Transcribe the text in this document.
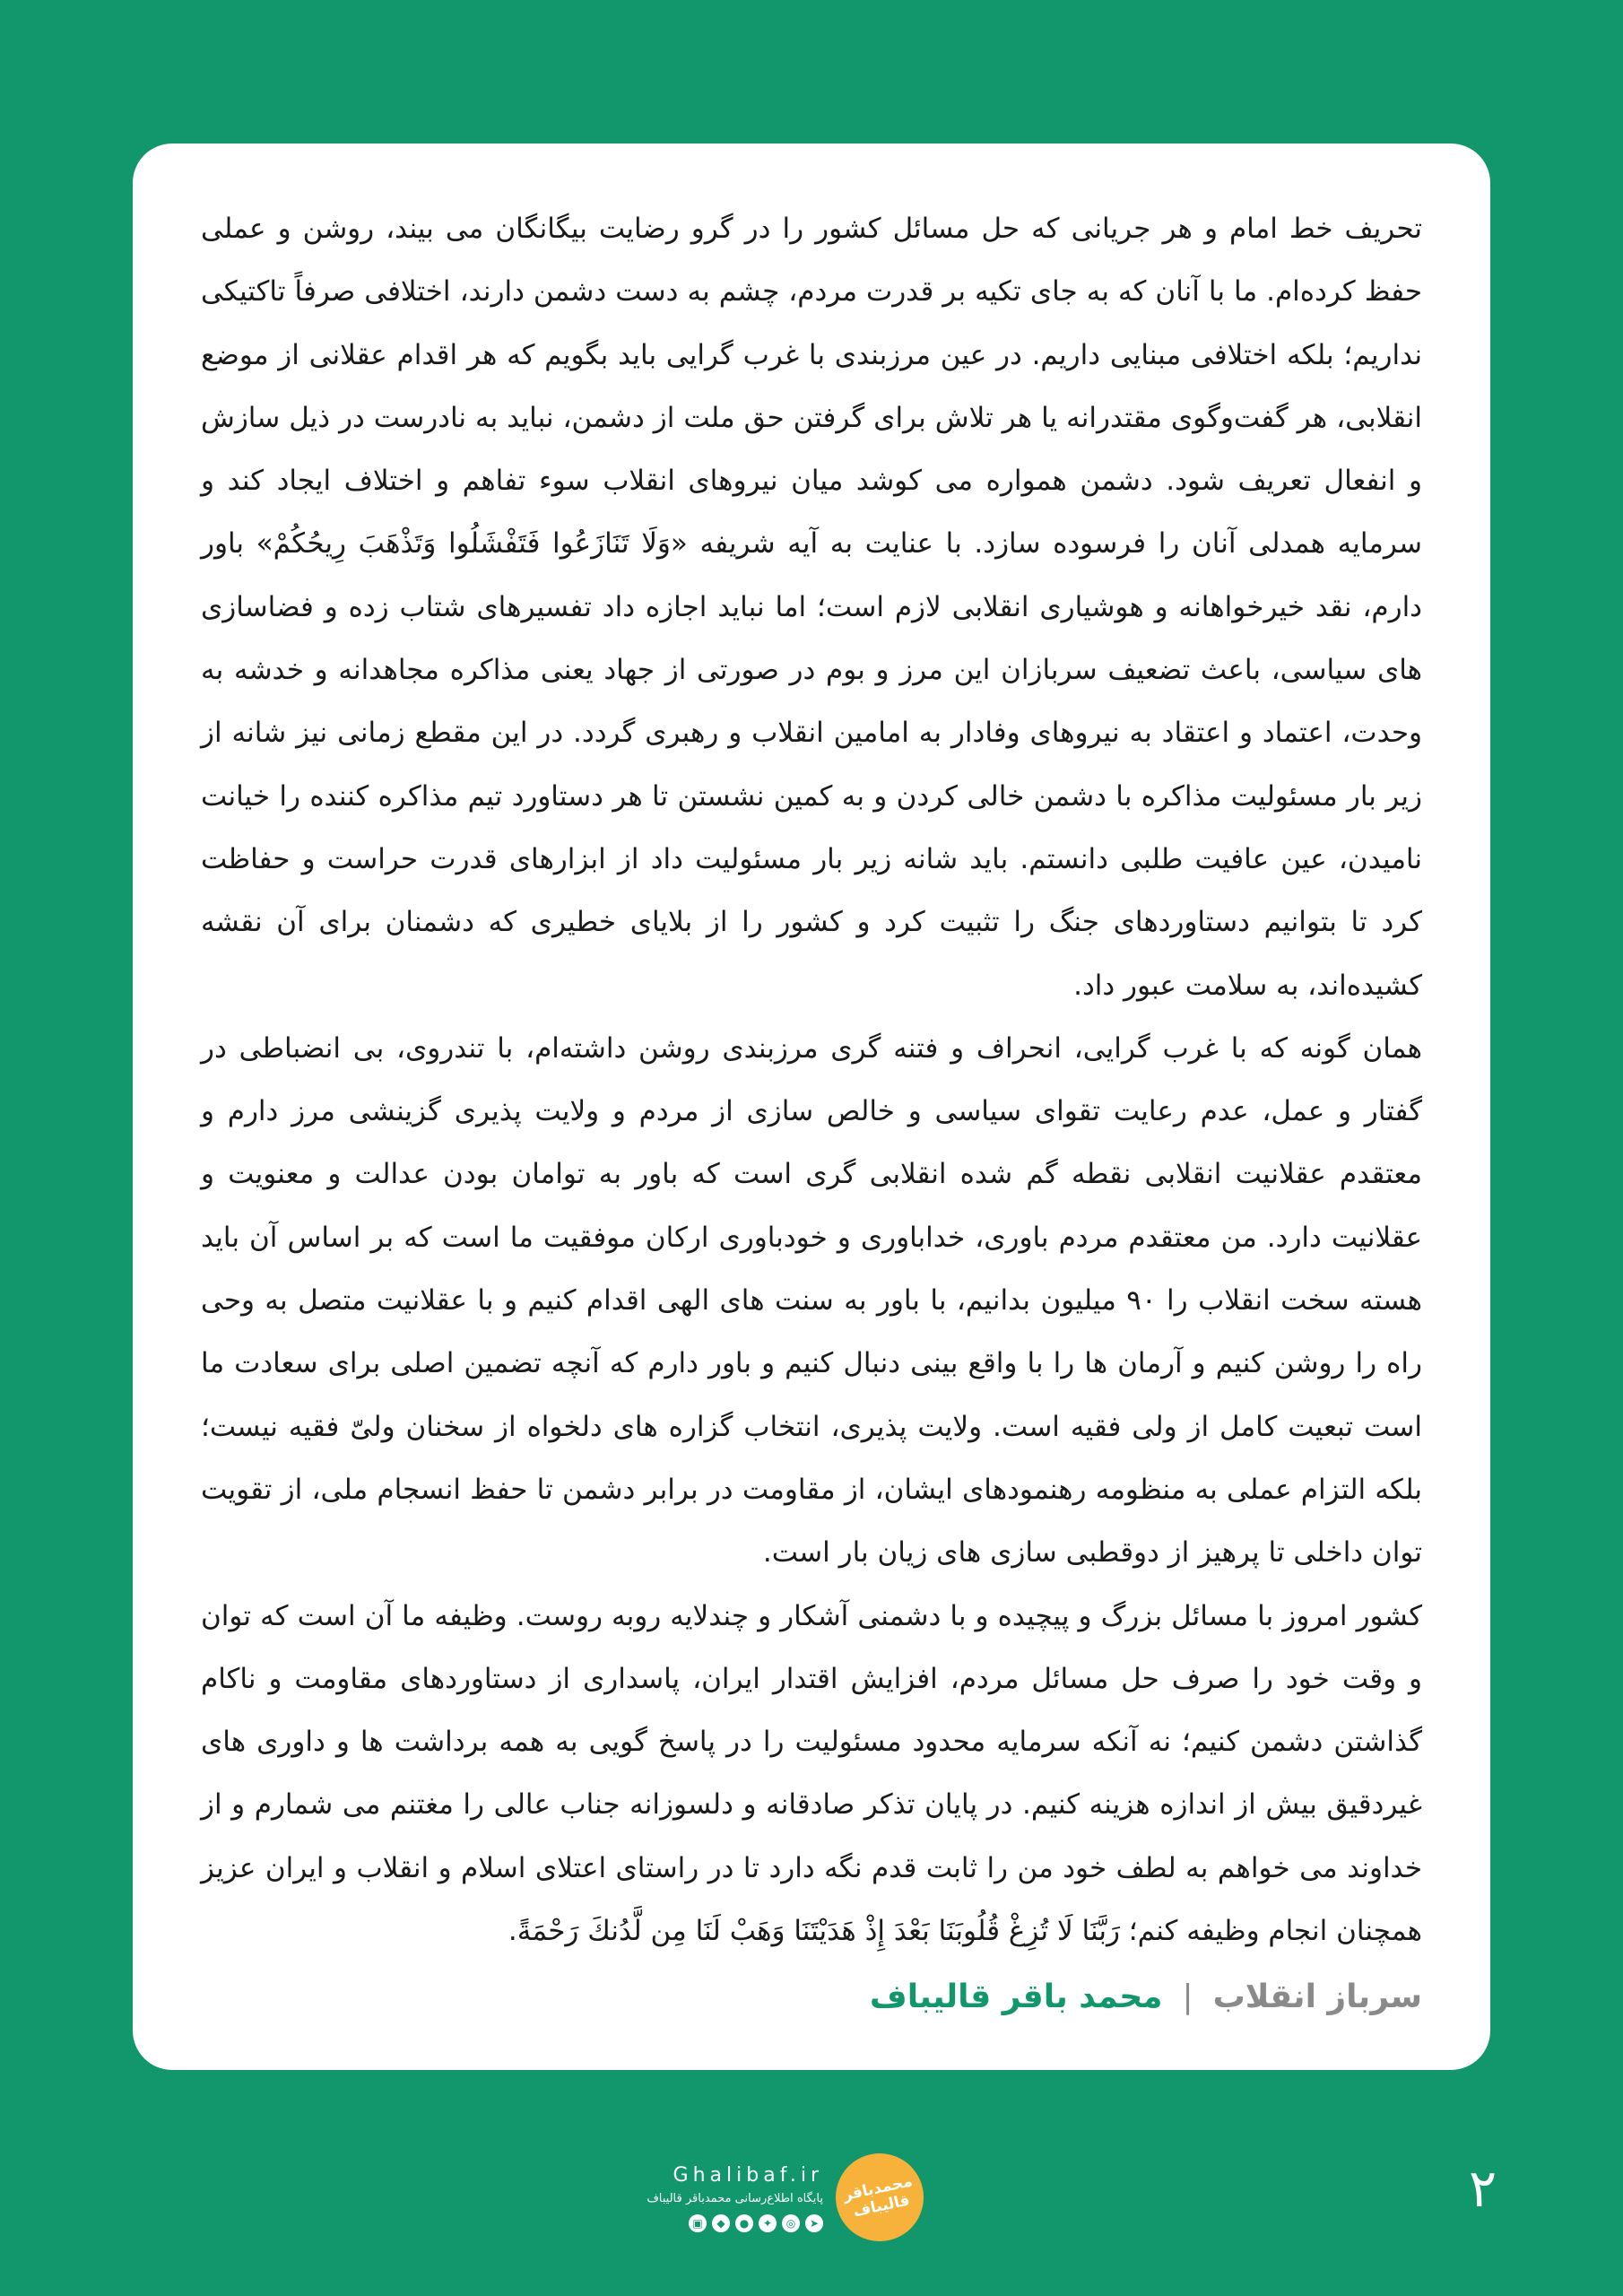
تحریف خط امام و هر جریانی که حل مسائل کشور را در گرو رضایت بیگانگان می بیند، روشن و عملی حفظ کرده‌ام. ما با آنان که به جای تکیه بر قدرت مردم، چشم به دست دشمن دارند، اختلافی صرفاً تاکتیکی نداریم؛ بلکه اختلافی مبنایی داریم. در عین مرزبندی با غرب گرایی باید بگویم که هر اقدام عقلانی از موضع انقلابی، هر گفت‌وگوی مقتدرانه یا هر تلاش برای گرفتن حق ملت از دشمن، نباید به نادرست در ذیل سازش و انفعال تعریف شود. دشمن همواره می کوشد میان نیروهای انقلاب سوء تفاهم و اختلاف ایجاد کند و سرمایه همدلی آنان را فرسوده سازد. با عنایت به آیه شریفه «وَلَا تَنَازَعُوا فَتَفْشَلُوا وَتَذْهَبَ رِيحُكُمْ» باور دارم، نقد خیرخواهانه و هوشیاری انقلابی لازم است؛ اما نباید اجازه داد تفسیرهای شتاب زده و فضاسازی های سیاسی، باعث تضعیف سربازان این مرز و بوم در صورتی از جهاد یعنی مذاکره مجاهدانه و خدشه به وحدت، اعتماد و اعتقاد به نیروهای وفادار به امامین انقلاب و رهبری گردد. در این مقطع زمانی نیز شانه از زیر بار مسئولیت مذاکره با دشمن خالی کردن و به کمین نشستن تا هر دستاورد تیم مذاکره کننده را خیانت نامیدن، عین عافیت طلبی دانستم. باید شانه زیر بار مسئولیت داد از ابزارهای قدرت حراست و حفاظت کرد تا بتوانیم دستاوردهای جنگ را تثبیت کرد و کشور را از بلایای خطیری که دشمنان برای آن نقشه کشیده‌اند، به سلامت عبور داد.

همان گونه که با غرب گرایی، انحراف و فتنه گری مرزبندی روشن داشته‌ام، با تندروی، بی انضباطی در گفتار و عمل، عدم رعایت تقوای سیاسی و خالص سازی از مردم و ولایت پذیری گزینشی مرز دارم و معتقدم عقلانیت انقلابی نقطه گم شده انقلابی گری است که باور به توامان بودن عدالت و معنویت و عقلانیت دارد. من معتقدم مردم باوری، خداباوری و خودباوری ارکان موفقیت ما است که بر اساس آن باید هسته سخت انقلاب را ۹۰ میلیون بدانیم، با باور به سنت های الهی اقدام کنیم و با عقلانیت متصل به وحی راه را روشن کنیم و آرمان ها را با واقع بینی دنبال کنیم و باور دارم که آنچه تضمین اصلی برای سعادت ما است تبعیت کامل از ولی فقیه است. ولایت پذیری، انتخاب گزاره های دلخواه از سخنان ولیّ فقیه نیست؛ بلکه التزام عملی به منظومه رهنمودهای ایشان، از مقاومت در برابر دشمن تا حفظ انسجام ملی، از تقویت توان داخلی تا پرهیز از دوقطبی سازی های زیان بار است.

کشور امروز با مسائل بزرگ و پیچیده و با دشمنی آشکار و چندلایه روبه روست. وظیفه ما آن است که توان و وقت خود را صرف حل مسائل مردم، افزایش اقتدار ایران، پاسداری از دستاوردهای مقاومت و ناکام گذاشتن دشمن کنیم؛ نه آنکه سرمایه محدود مسئولیت را در پاسخ گویی به همه برداشت ها و داوری های غیردقیق بیش از اندازه هزینه کنیم. در پایان تذکر صادقانه و دلسوزانه جناب عالی را مغتنم می شمارم و از خداوند می خواهم به لطف خود من را ثابت قدم نگه دارد تا در راستای اعتلای اسلام و انقلاب و ایران عزیز همچنان انجام وظیفه کنم؛ رَبَّنَا لَا تُزِغْ قُلُوبَنَا بَعْدَ إِذْ هَدَيْتَنَا وَهَبْ لَنَا مِن لَّدُنكَ رَحْمَةً.

سرباز انقلاب|محمد باقر قالیباف
محمدباقر قالیباف
Ghalibaf.ir
پایگاه اطلاع‌رسانی محمدباقر قالیباف
➤
◎
✦
●
◆
▣
۲
